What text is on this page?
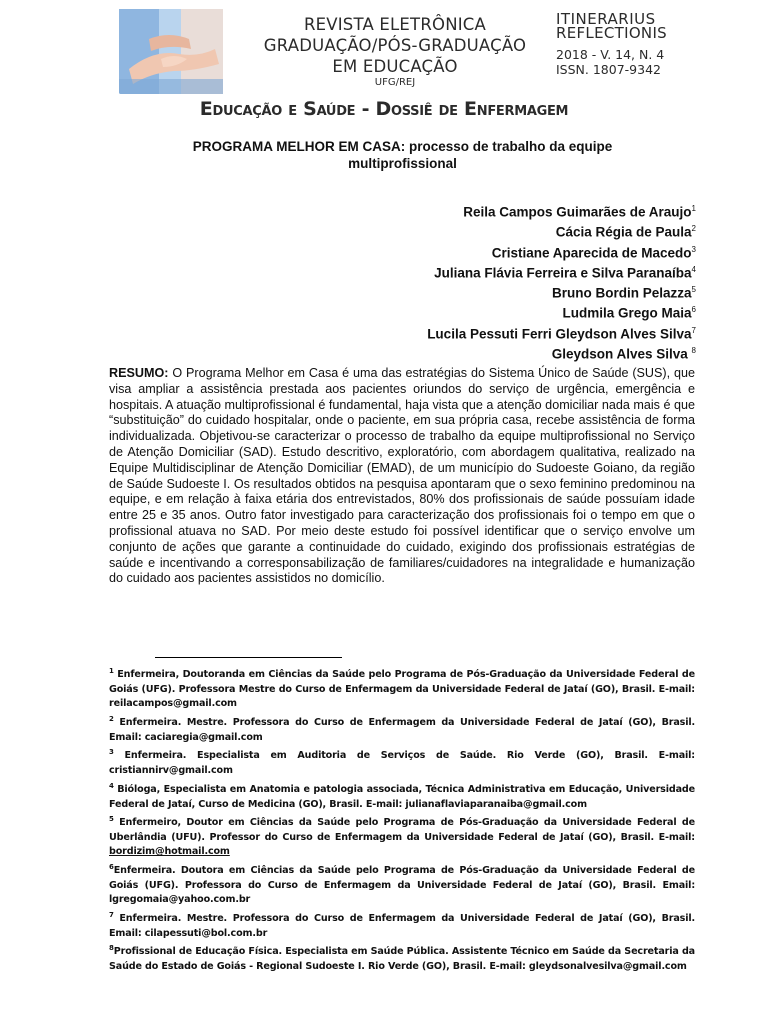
REVISTA ELETRÔNICA
GRADUAÇÃO/PÓS-GRADUAÇÃO
EM EDUCAÇÃO
UFG/REJ
ITINERARIUS
REFLECTIONIS
2018 - V. 14, N. 4
ISSN. 1807-9342
Educação e Saúde - Dossiê de Enfermagem
PROGRAMA MELHOR EM CASA: processo de trabalho da equipe
multiprofissional
Reila Campos Guimarães de Araujo$^1$
Cácia Régia de Paula$^2$
Cristiane Aparecida de Macedo$^3$
Juliana Flávia Ferreira e Silva Paranaíba$^4$
Bruno Bordin Pelazza$^5$
Ludmila Grego Maia$^6$
Lucila Pessuti Ferri Gleydson Alves Silva$^7$
Gleydson Alves Silva $^8$
RESUMO: O Programa Melhor em Casa é uma das estratégias do Sistema Único de Saúde (SUS), que visa ampliar a assistência prestada aos pacientes oriundos do serviço de urgência, emergência e hospitais. A atuação multiprofissional é fundamental, haja vista que a atenção domiciliar nada mais é que “substituição” do cuidado hospitalar, onde o paciente, em sua própria casa, recebe assistência de forma individualizada. Objetivou-se caracterizar o processo de trabalho da equipe multiprofissional no Serviço de Atenção Domiciliar (SAD). Estudo descritivo, exploratório, com abordagem qualitativa, realizado na Equipe Multidisciplinar de Atenção Domiciliar (EMAD), de um município do Sudoeste Goiano, da região de Saúde Sudoeste I. Os resultados obtidos na pesquisa apontaram que o sexo feminino predominou na equipe, e em relação à faixa etária dos entrevistados, 80% dos profissionais de saúde possuíam idade entre 25 e 35 anos. Outro fator investigado para caracterização dos profissionais foi o tempo em que o profissional atuava no SAD. Por meio deste estudo foi possível identificar que o serviço envolve um conjunto de ações que garante a continuidade do cuidado, exigindo dos profissionais estratégias de saúde e incentivando a corresponsabilização de familiares/cuidadores na integralidade e humanização do cuidado aos pacientes assistidos no domicílio.

$^1$ Enfermeira, Doutoranda em Ciências da Saúde pelo Programa de Pós-Graduação da Universidade Federal de Goiás (UFG). Professora Mestre do Curso de Enfermagem da Universidade Federal de Jataí (GO), Brasil. E-mail: reilacampos@gmail.com

$^2$ Enfermeira. Mestre. Professora do Curso de Enfermagem da Universidade Federal de Jataí (GO), Brasil. Email: caciaregia@gmail.com

$^3$ Enfermeira. Especialista em Auditoria de Serviços de Saúde. Rio Verde (GO), Brasil. E-mail: cristiannirv@gmail.com

$^4$ Bióloga, Especialista em Anatomia e patologia associada, Técnica Administrativa em Educação, Universidade Federal de Jataí, Curso de Medicina (GO), Brasil. E-mail: julianaflaviaparanaiba@gmail.com

$^5$ Enfermeiro, Doutor em Ciências da Saúde pelo Programa de Pós-Graduação da Universidade Federal de Uberlândia (UFU). Professor do Curso de Enfermagem da Universidade Federal de Jataí (GO), Brasil. E-mail: bordizim@hotmail.com

$^6$Enfermeira. Doutora em Ciências da Saúde pelo Programa de Pós-Graduação da Universidade Federal de Goiás (UFG). Professora do Curso de Enfermagem da Universidade Federal de Jataí (GO), Brasil. Email: lgregomaia@yahoo.com.br

$^7$ Enfermeira. Mestre. Professora do Curso de Enfermagem da Universidade Federal de Jataí (GO), Brasil. Email: cilapessuti@bol.com.br

$^8$Profissional de Educação Física. Especialista em Saúde Pública. Assistente Técnico em Saúde da Secretaria da Saúde do Estado de Goiás - Regional Sudoeste I. Rio Verde (GO), Brasil. E-mail: gleydsonalvesilva@gmail.com
